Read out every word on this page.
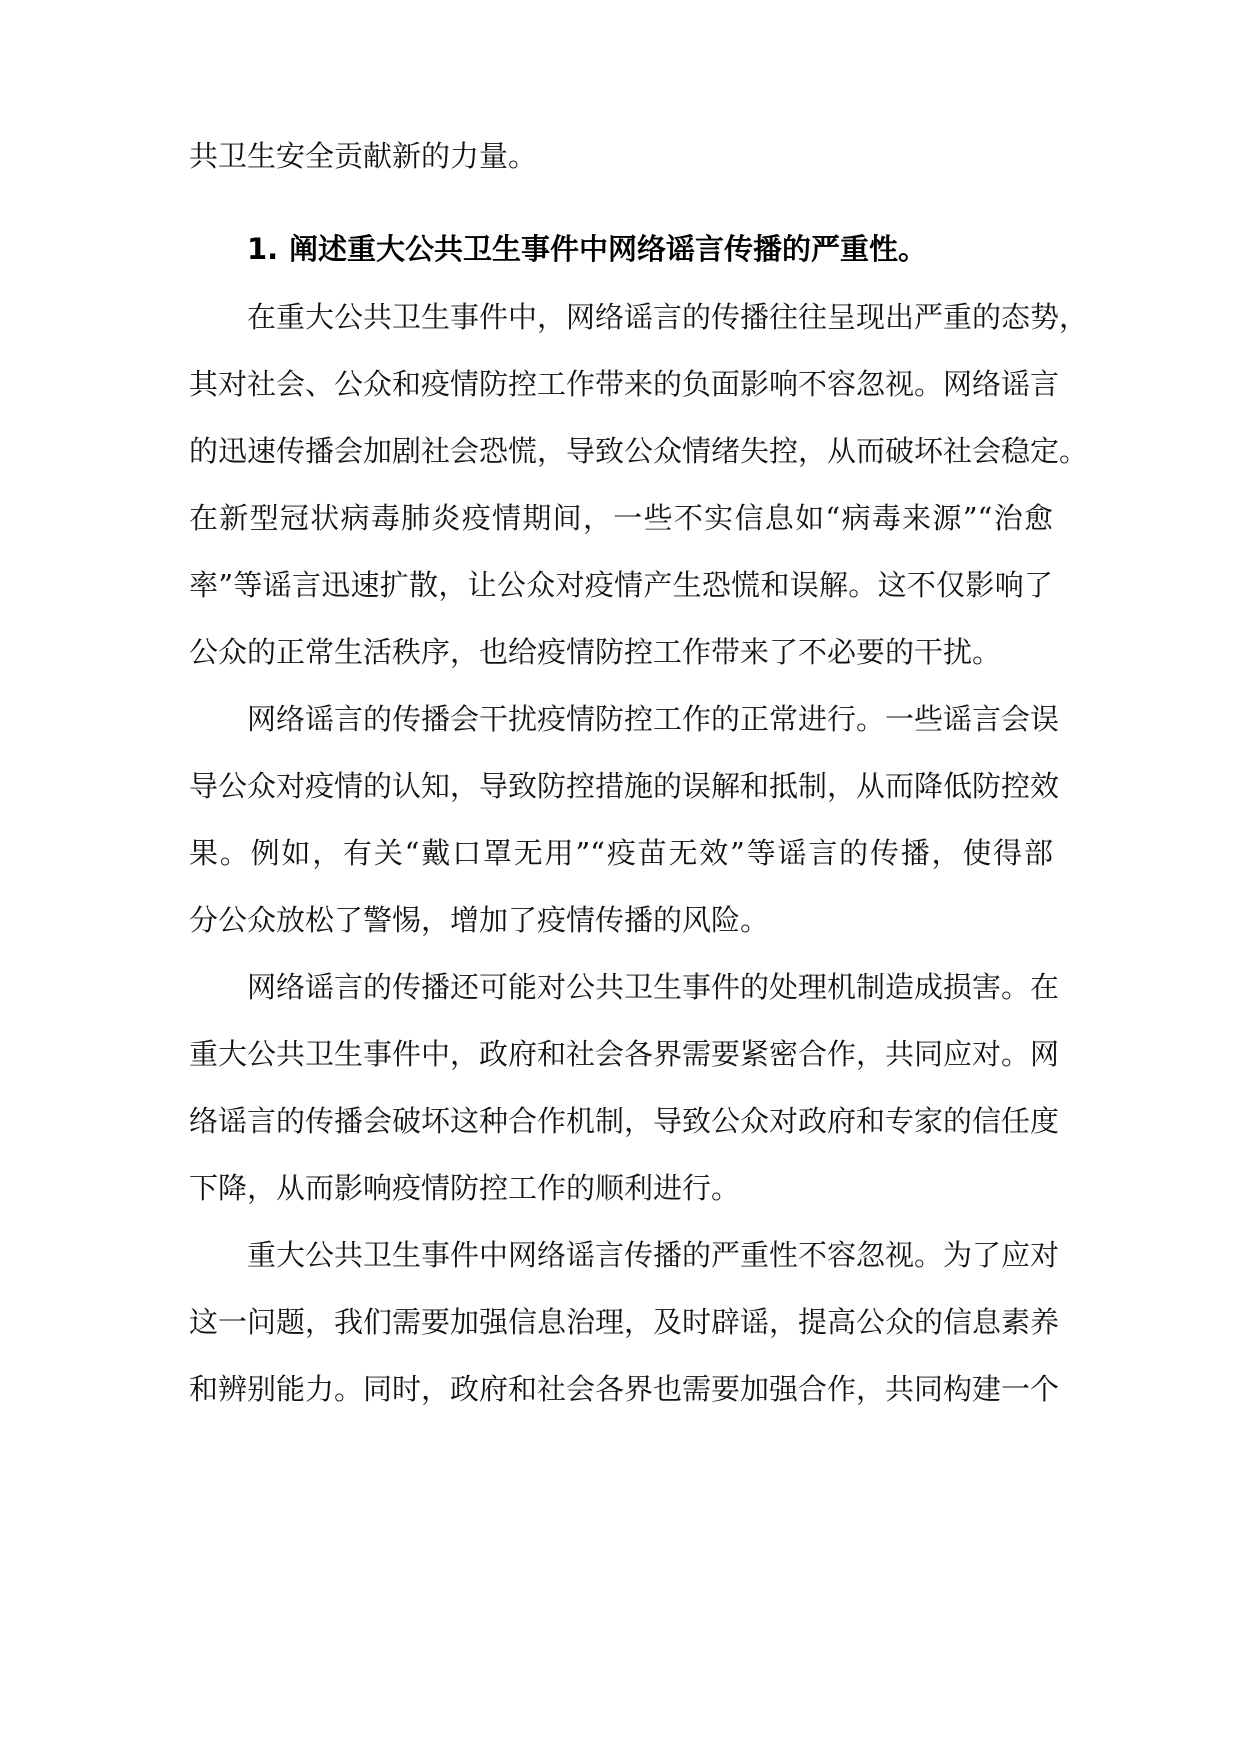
共卫生安全贡献新的力量。
1. 阐述重大公共卫生事件中网络谣言传播的严重性。
在重大公共卫生事件中，网络谣言的传播往往呈现出严重的态势，
其对社会、公众和疫情防控工作带来的负面影响不容忽视。网络谣言
的迅速传播会加剧社会恐慌，导致公众情绪失控，从而破坏社会稳定。
在新型冠状病毒肺炎疫情期间，一些不实信息如“病毒来源”“治愈
率”等谣言迅速扩散，让公众对疫情产生恐慌和误解。这不仅影响了
公众的正常生活秩序，也给疫情防控工作带来了不必要的干扰。
网络谣言的传播会干扰疫情防控工作的正常进行。一些谣言会误
导公众对疫情的认知，导致防控措施的误解和抵制，从而降低防控效
果。例如，有关“戴口罩无用”“疫苗无效”等谣言的传播，使得部
分公众放松了警惕，增加了疫情传播的风险。
网络谣言的传播还可能对公共卫生事件的处理机制造成损害。在
重大公共卫生事件中，政府和社会各界需要紧密合作，共同应对。网
络谣言的传播会破坏这种合作机制，导致公众对政府和专家的信任度
下降，从而影响疫情防控工作的顺利进行。
重大公共卫生事件中网络谣言传播的严重性不容忽视。为了应对
这一问题，我们需要加强信息治理，及时辟谣，提高公众的信息素养
和辨别能力。同时，政府和社会各界也需要加强合作，共同构建一个
